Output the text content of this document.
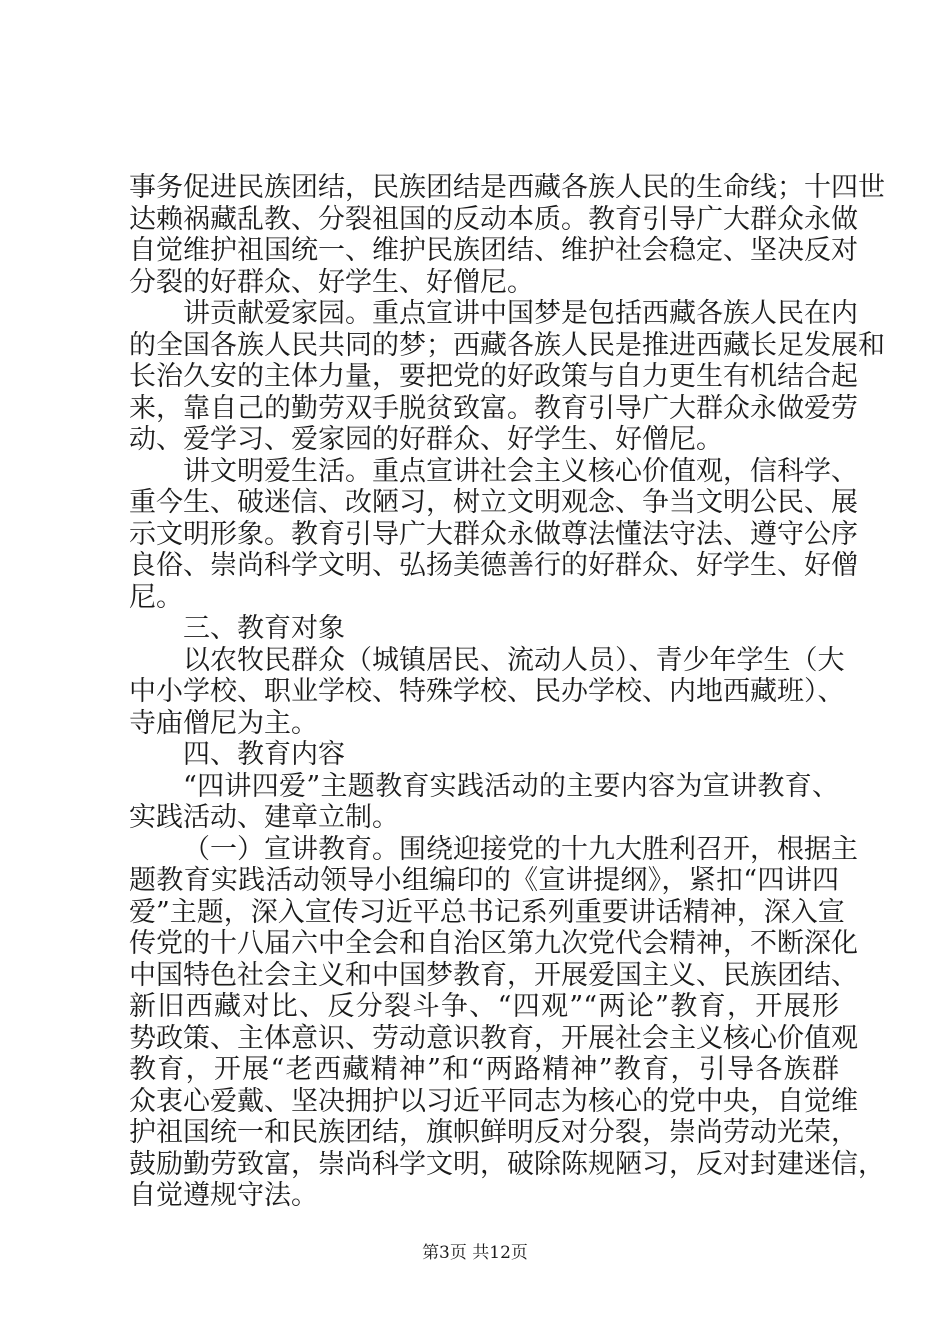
事务促进民族团结，民族团结是西藏各族人民的生命线；十四世
达赖祸藏乱教、分裂祖国的反动本质。教育引导广大群众永做
自觉维护祖国统一、维护民族团结、维护社会稳定、坚决反对
分裂的好群众、好学生、好僧尼。
讲贡献爱家园。重点宣讲中国梦是包括西藏各族人民在内
的全国各族人民共同的梦；西藏各族人民是推进西藏长足发展和
长治久安的主体力量，要把党的好政策与自力更生有机结合起
来，靠自己的勤劳双手脱贫致富。教育引导广大群众永做爱劳
动、爱学习、爱家园的好群众、好学生、好僧尼。
讲文明爱生活。重点宣讲社会主义核心价值观，信科学、
重今生、破迷信、改陋习，树立文明观念、争当文明公民、展
示文明形象。教育引导广大群众永做尊法懂法守法、遵守公序
良俗、崇尚科学文明、弘扬美德善行的好群众、好学生、好僧
尼。
三、教育对象
以农牧民群众（城镇居民、流动人员）、青少年学生（大
中小学校、职业学校、特殊学校、民办学校、内地西藏班）、
寺庙僧尼为主。
四、教育内容
“四讲四爱”主题教育实践活动的主要内容为宣讲教育、
实践活动、建章立制。
（一）宣讲教育。围绕迎接党的十九大胜利召开，根据主
题教育实践活动领导小组编印的《宣讲提纲》，紧扣“四讲四
爱”主题，深入宣传习近平总书记系列重要讲话精神，深入宣
传党的十八届六中全会和自治区第九次党代会精神，不断深化
中国特色社会主义和中国梦教育，开展爱国主义、民族团结、
新旧西藏对比、反分裂斗争、“四观”“两论”教育，开展形
势政策、主体意识、劳动意识教育，开展社会主义核心价值观
教育，开展“老西藏精神”和“两路精神”教育，引导各族群
众衷心爱戴、坚决拥护以习近平同志为核心的党中央，自觉维
护祖国统一和民族团结，旗帜鲜明反对分裂，崇尚劳动光荣，
鼓励勤劳致富，崇尚科学文明，破除陈规陋习，反对封建迷信，
自觉遵规守法。
第3页 共12页
